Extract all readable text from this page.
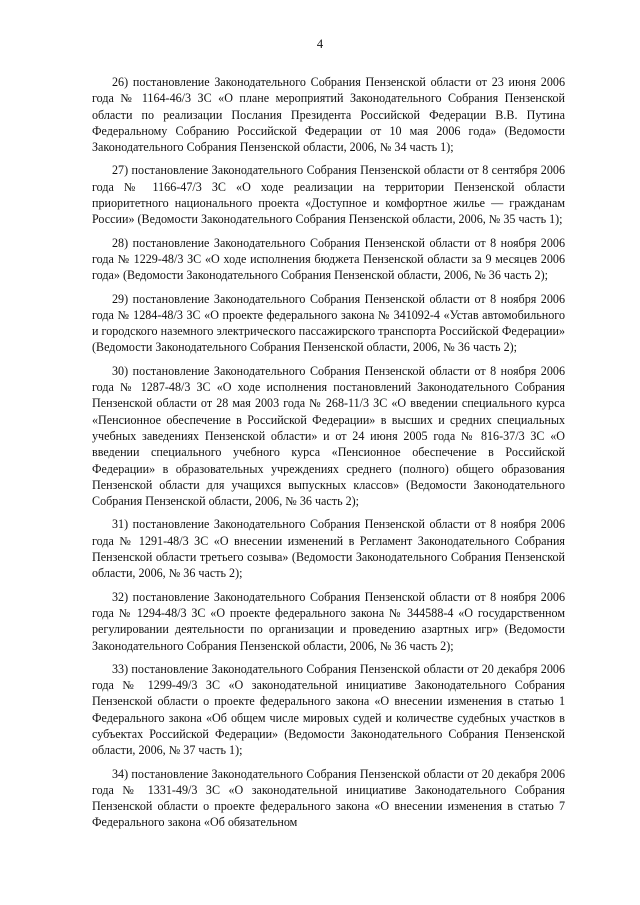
4

26) постановление Законодательного Собрания Пензенской области от 23 июня 2006 года № 1164-46/3 ЗС «О плане мероприятий Законодательного Собрания Пензенской области по реализации Послания Президента Российской Федерации В.В. Путина Федеральному Собранию Российской Федерации от 10 мая 2006 года» (Ведомости Законодательного Собрания Пензенской области, 2006, № 34 часть 1);

27) постановление Законодательного Собрания Пензенской области от 8 сентября 2006 года № 1166-47/3 ЗС «О ходе реализации на территории Пензенской области приоритетного национального проекта «Доступное и комфортное жилье — гражданам России» (Ведомости Законодательного Собрания Пензенской области, 2006, № 35 часть 1);

28) постановление Законодательного Собрания Пензенской области от 8 ноября 2006 года № 1229-48/3 ЗС «О ходе исполнения бюджета Пензенской области за 9 месяцев 2006 года» (Ведомости Законодательного Собрания Пензенской области, 2006, № 36 часть 2);

29) постановление Законодательного Собрания Пензенской области от 8 ноября 2006 года № 1284-48/3 ЗС «О проекте федерального закона № 341092-4 «Устав автомобильного и городского наземного электрического пассажирского транспорта Российской Федерации» (Ведомости Законодательного Собрания Пензенской области, 2006, № 36 часть 2);

30) постановление Законодательного Собрания Пензенской области от 8 ноября 2006 года № 1287-48/3 ЗС «О ходе исполнения постановлений Законодательного Собрания Пензенской области от 28 мая 2003 года № 268-11/3 ЗС «О введении специального курса «Пенсионное обеспечение в Российской Федерации» в высших и средних специальных учебных заведениях Пензенской области» и от 24 июня 2005 года № 816-37/3 ЗС «О введении специального учебного курса «Пенсионное обеспечение в Российской Федерации» в образовательных учреждениях среднего (полного) общего образования Пензенской области для учащихся выпускных классов» (Ведомости Законодательного Собрания Пензенской области, 2006, № 36 часть 2);

31) постановление Законодательного Собрания Пензенской области от 8 ноября 2006 года № 1291-48/3 ЗС «О внесении изменений в Регламент Законодательного Собрания Пензенской области третьего созыва» (Ведомости Законодательного Собрания Пензенской области, 2006, № 36 часть 2);

32) постановление Законодательного Собрания Пензенской области от 8 ноября 2006 года № 1294-48/3 ЗС «О проекте федерального закона № 344588-4 «О государственном регулировании деятельности по организации и проведению азартных игр» (Ведомости Законодательного Собрания Пензенской области, 2006, № 36 часть 2);

33) постановление Законодательного Собрания Пензенской области от 20 декабря 2006 года № 1299-49/3 ЗС «О законодательной инициативе Законодательного Собрания Пензенской области о проекте федерального закона «О внесении изменения в статью 1 Федерального закона «Об общем числе мировых судей и количестве судебных участков в субъектах Российской Федерации» (Ведомости Законодательного Собрания Пензенской области, 2006, № 37 часть 1);

34) постановление Законодательного Собрания Пензенской области от 20 декабря 2006 года № 1331-49/3 ЗС «О законодательной инициативе Законодательного Собрания Пензенской области о проекте федерального закона «О внесении изменения в статью 7 Федерального закона «Об обязательном
